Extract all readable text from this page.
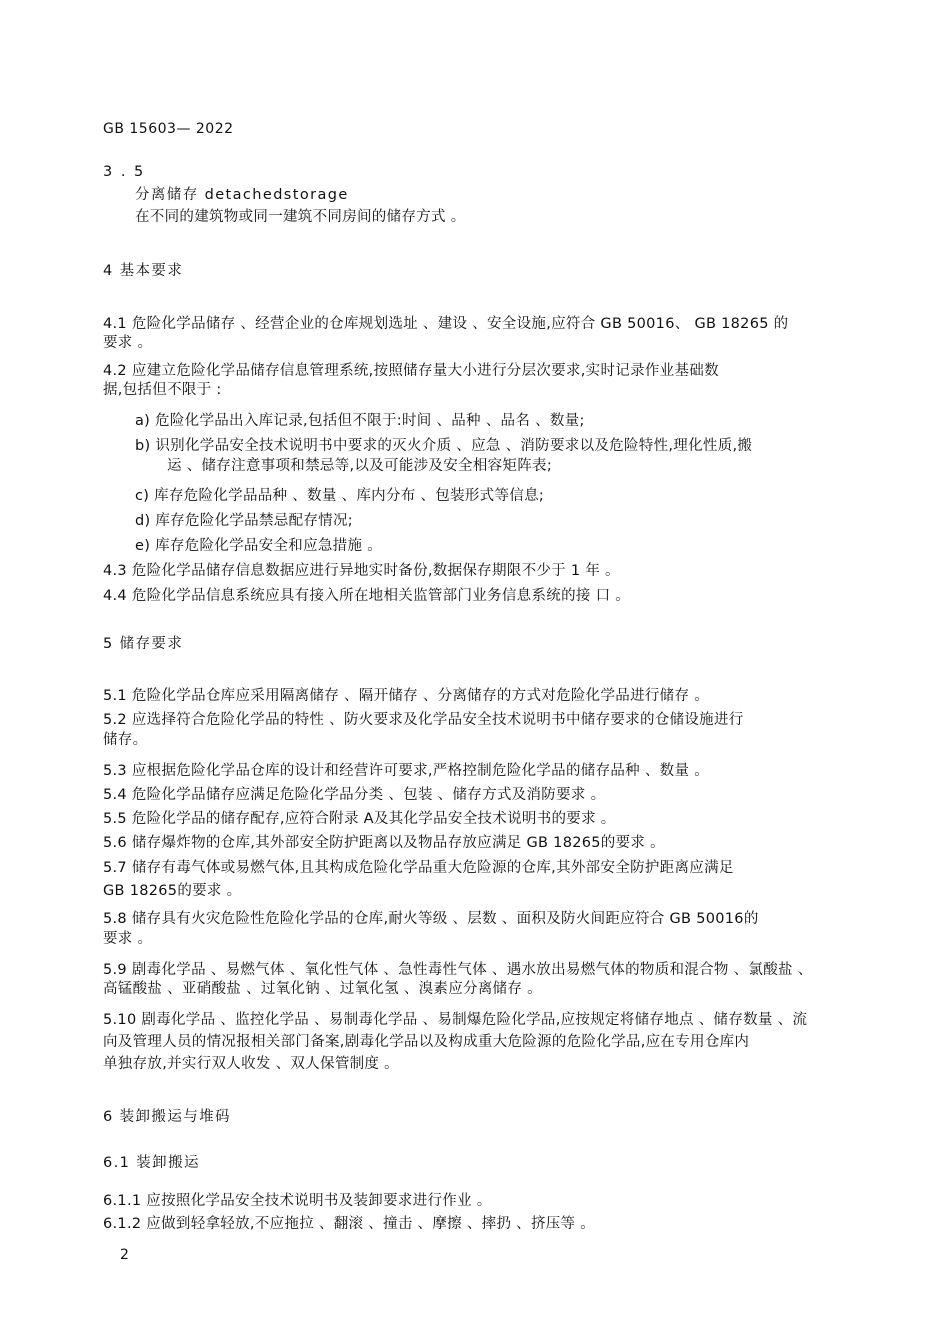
GB 15603— 2022
3 . 5
分离储存 detachedstorage
在不同的建筑物或同一建筑不同房间的储存方式 。
4 基本要求
4.1 危险化学品储存 、经营企业的仓库规划选址 、建设 、安全设施,应符合 GB 50016、 GB 18265 的
要求 。
4.2 应建立危险化学品储存信息管理系统,按照储存量大小进行分层次要求,实时记录作业基础数
据,包括但不限于 :
a) 危险化学品出入库记录,包括但不限于:时间 、品种 、品名 、数量;
b) 识别化学品安全技术说明书中要求的灭火介质 、应急 、消防要求以及危险特性,理化性质,搬
运 、储存注意事项和禁忌等,以及可能涉及安全相容矩阵表;
c) 库存危险化学品品种 、数量 、库内分布 、包装形式等信息;
d) 库存危险化学品禁忌配存情况;
e) 库存危险化学品安全和应急措施 。
4.3 危险化学品储存信息数据应进行异地实时备份,数据保存期限不少于 1 年 。
4.4 危险化学品信息系统应具有接入所在地相关监管部门业务信息系统的接 口 。
5 储存要求
5.1 危险化学品仓库应采用隔离储存 、隔开储存 、分离储存的方式对危险化学品进行储存 。
5.2 应选择符合危险化学品的特性 、防火要求及化学品安全技术说明书中储存要求的仓储设施进行
储存。
5.3 应根据危险化学品仓库的设计和经营许可要求,严格控制危险化学品的储存品种 、数量 。
5.4 危险化学品储存应满足危险化学品分类 、包装 、储存方式及消防要求 。
5.5 危险化学品的储存配存,应符合附录 A及其化学品安全技术说明书的要求 。
5.6 储存爆炸物的仓库,其外部安全防护距离以及物品存放应满足 GB 18265的要求 。
5.7 储存有毒气体或易燃气体,且其构成危险化学品重大危险源的仓库,其外部安全防护距离应满足
GB 18265的要求 。
5.8 储存具有火灾危险性危险化学品的仓库,耐火等级 、层数 、面积及防火间距应符合 GB 50016的
要求 。
5.9 剧毒化学品 、易燃气体 、氧化性气体 、急性毒性气体 、遇水放出易燃气体的物质和混合物 、氯酸盐 、
高锰酸盐 、亚硝酸盐 、过氧化钠 、过氧化氢 、溴素应分离储存 。
5.10 剧毒化学品 、监控化学品 、易制毒化学品 、易制爆危险化学品,应按规定将储存地点 、储存数量 、流
向及管理人员的情况报相关部门备案,剧毒化学品以及构成重大危险源的危险化学品,应在专用仓库内
单独存放,并实行双人收发 、双人保管制度 。
6 装卸搬运与堆码
6.1 装卸搬运
6.1.1 应按照化学品安全技术说明书及装卸要求进行作业 。
6.1.2 应做到轻拿轻放,不应拖拉 、翻滚 、撞击 、摩擦 、摔扔 、挤压等 。
2
